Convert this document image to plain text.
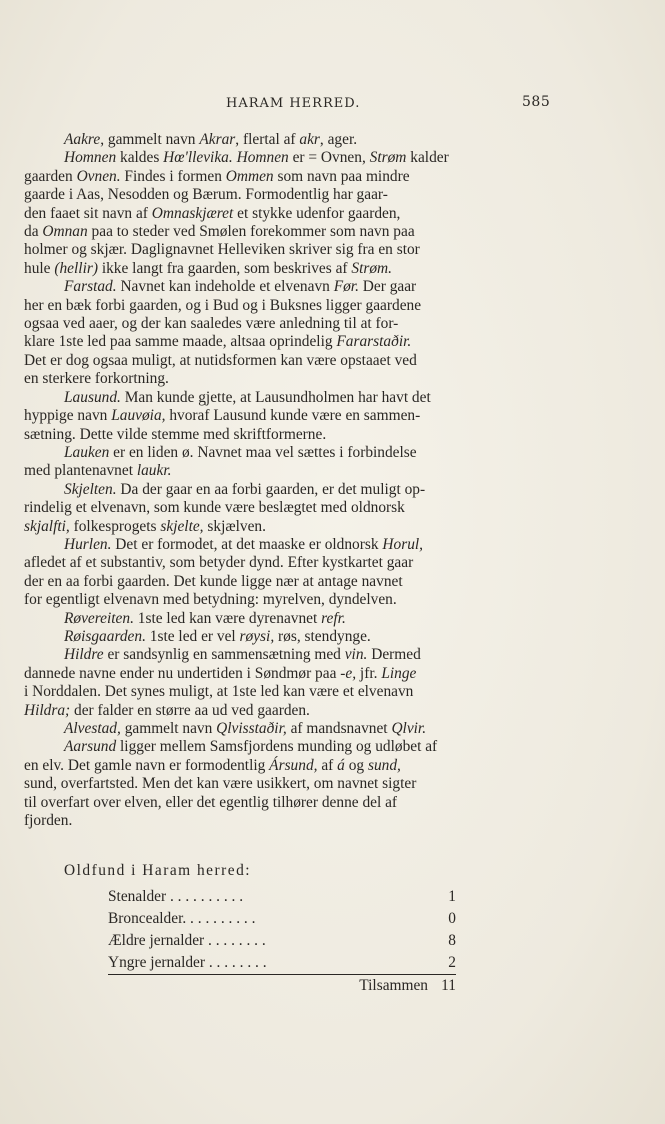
HARAM HERRED.	585
Aakre, gammelt navn Akrar, flertal af akr, ager.
Homnen kaldes Hœ'llevika. Homnen er = Ovnen, Strøm kalder
gaarden Ovnen. Findes i formen Ommen som navn paa mindre
gaarde i Aas, Nesodden og Bærum. Formodentlig har gaar-
den faaet sit navn af Omnaskjæret et stykke udenfor gaarden,
da Omnan paa to steder ved Smølen forekommer som navn paa
holmer og skjær. Daglignavnet Helleviken skriver sig fra en stor
hule (hellir) ikke langt fra gaarden, som beskrives af Strøm.
Farstad. Navnet kan indeholde et elvenavn Før. Der gaar
her en bæk forbi gaarden, og i Bud og i Buksnes ligger gaardene
ogsaa ved aaer, og der kan saaledes være anledning til at for-
klare 1ste led paa samme maade, altsaa oprindelig Fararstaðir.
Det er dog ogsaa muligt, at nutidsformen kan være opstaaet ved
en sterkere forkortning.
Lausund. Man kunde gjette, at Lausundholmen har havt det
hyppige navn Lauvøia, hvoraf Lausund kunde være en sammen-
sætning. Dette vilde stemme med skriftformerne.
Lauken er en liden ø. Navnet maa vel sættes i forbindelse
med plantenavnet laukr.
Skjelten. Da der gaar en aa forbi gaarden, er det muligt op-
rindelig et elvenavn, som kunde være beslægtet med oldnorsk
skjalfti, folkesprogets skjelte, skjælven.
Hurlen. Det er formodet, at det maaske er oldnorsk Horul,
afledet af et substantiv, som betyder dynd. Efter kystkartet gaar
der en aa forbi gaarden. Det kunde ligge nær at antage navnet
for egentligt elvenavn med betydning: myrelven, dyndelven.
Røvereiten. 1ste led kan være dyrenavnet refr.
Røisgaarden. 1ste led er vel røysi, røs, stendynge.
Hildre er sandsynlig en sammensætning med vin. Dermed
dannede navne ender nu undertiden i Søndmør paa -e, jfr. Linge
i Norddalen. Det synes muligt, at 1ste led kan være et elvenavn
Hildra; der falder en større aa ud ved gaarden.
Alvestad, gammelt navn Qlvisstaðir, af mandsnavnet Qlvir.
Aarsund ligger mellem Samsfjordens munding og udløbet af
en elv. Det gamle navn er formodentlig Ársund, af á og sund,
sund, overfartsted. Men det kan være usikkert, om navnet sigter
til overfart over elven, eller det egentlig tilhører denne del af
fjorden.
Oldfund i Haram herred:
Stenalder . . . . . . . . . .	1
Broncealder. . . . . . . . . .	0
Ældre jernalder . . . . . . . .	8
Yngre jernalder . . . . . . . .	2
Tilsammen	11
